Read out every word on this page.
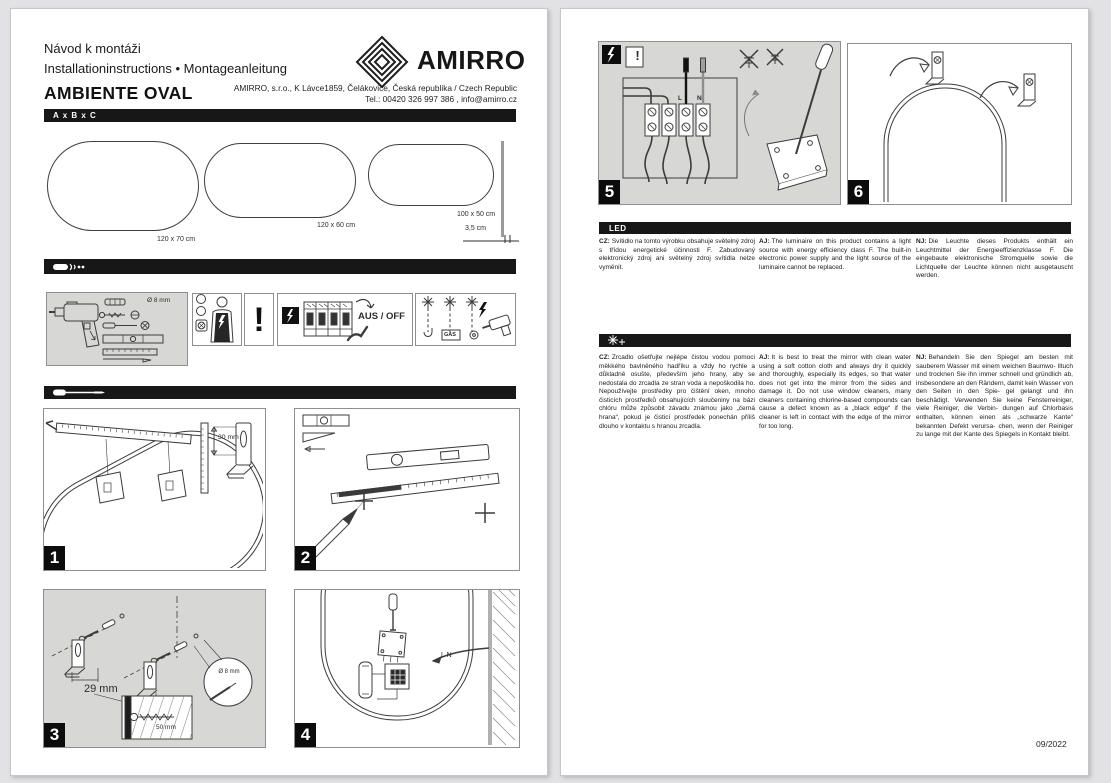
Návod k montáži
Installationinstructions • Montageanleitung	AMIRRO
AMBIENTE OVAL	AMIRRO, s.r.o., K Lávce1859, Čelákovice, Česká republika / Czech Republic
Tel.: 00420 326 997 386 , info@amirro.cz
A x B x C
120 x 70 cm
120 x 60 cm
100 x 50 cm
3,5 cm
Ø 8 mm !	AUS / OFF
GAS
30 mm
1	2
29 mm
Ø 8 mm
50 mm
3
L N
4
!
L N
5	6
LED
CZ: Svítidlo na tomto výrobku obsahuje světelný zdroj s třídou energetické účinnosti F. Zabudovaný elektronický zdroj ani světelný zdroj svítidla nelze vyměnit.
AJ: The luminaire on this product contains a light source with energy efficiency class F. The built-in electronic power supply and the light source of the luminaire cannot be replaced.
NJ: Die Leuchte dieses Produkts enthält ein Leuchtmittel der Energieeffizienzklasse F. Die eingebaute elektronische Stromquelle sowie die Lichtquelle der Leuchte können nicht ausgetauscht werden.
CZ: Zrcadlo ošetřujte nejlépe čistou vodou pomoci měkkého bavlněného hadříku a vždy ho rychle a důkladně osušte, především jeho hrany, aby se nedostala do zrcadla ze stran voda a nepoškodila ho. Nepoužívejte prostředky pro čištění oken, mnoho čisticích prostředků obsahujících sloučeniny na bázi chlóru může způsobit závadu známou jako „černá hrana“, pokud je čisticí prostředek ponechán příliš dlouho v kontaktu s hranou zrcadla.
AJ: It is best to treat the mirror with clean water using a soft cotton cloth and always dry it quickly and thoroughly, especially its edges, so that water does not get into the mirror from the sides and damage it. Do not use window cleaners, many cleaners containing chlorine-based compounds can cause a defect known as a „black edge“ if the cleaner is left in contact with the edge of the mirror for too long.
NJ: Behandeln Sie den Spiegel am besten mit sauberem Wasser mit einem weichen Baumwo- lltuch und trocknen Sie ihn immer schnell und gründlich ab, insbesondere an den Rändern, damit kein Wasser von den Seiten in den Spie- gel gelangt und ihn beschädigt. Verwenden Sie keine Fensterreiniger, viele Reiniger, die Verbin- dungen auf Chlorbasis enthalten, können einen als „schwarze Kante“ bekannten Defekt verursa- chen, wenn der Reiniger zu lange mit der Kante des Spiegels in Kontakt bleibt.
09/2022
